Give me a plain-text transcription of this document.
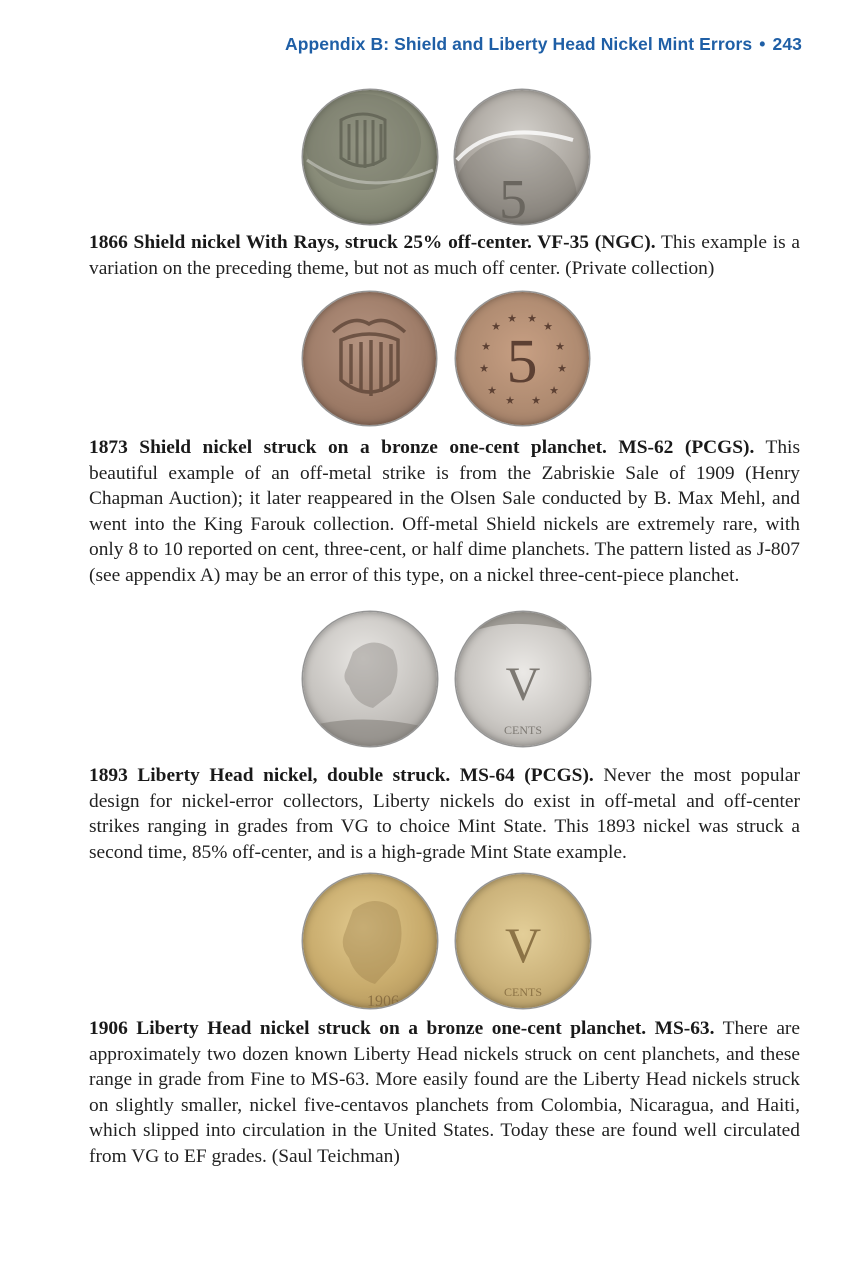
Appendix B: Shield and Liberty Head Nickel Mint Errors • 243
5

1866 Shield nickel With Rays, struck 25% off-center. VF-35 (NGC). This example is a variation on the preceding theme, but not as much off center. (Private collection)

5
★
★ ★
★
★	★
★	★
★	★
★ ★

1873 Shield nickel struck on a bronze one-cent planchet. MS-62 (PCGS). This beautiful example of an off-metal strike is from the Zabriskie Sale of 1909 (Henry Chapman Auction); it later reappeared in the Olsen Sale conducted by B. Max Mehl, and went into the King Farouk collection. Off-metal Shield nickels are extremely rare, with only 8 to 10 reported on cent, three-cent, or half dime planchets. The pattern listed as J-807 (see appendix A) may be an error of this type, on a nickel three-cent-piece planchet.

V
CENTS

1893 Liberty Head nickel, double struck. MS-64 (PCGS). Never the most popular design for nickel-error collectors, Liberty nickels do exist in off-metal and off-center strikes ranging in grades from VG to choice Mint State. This 1893 nickel was struck a second time, 85% off-center, and is a high-grade Mint State example.

1906
V
CENTS

1906 Liberty Head nickel struck on a bronze one-cent planchet. MS-63. There are approximately two dozen known Liberty Head nickels struck on cent planchets, and these range in grade from Fine to MS-63. More easily found are the Liberty Head nickels struck on slightly smaller, nickel five-centavos planchets from Colombia, Nicaragua, and Haiti, which slipped into circulation in the United States. Today these are found well circulated from VG to EF grades. (Saul Teichman)
